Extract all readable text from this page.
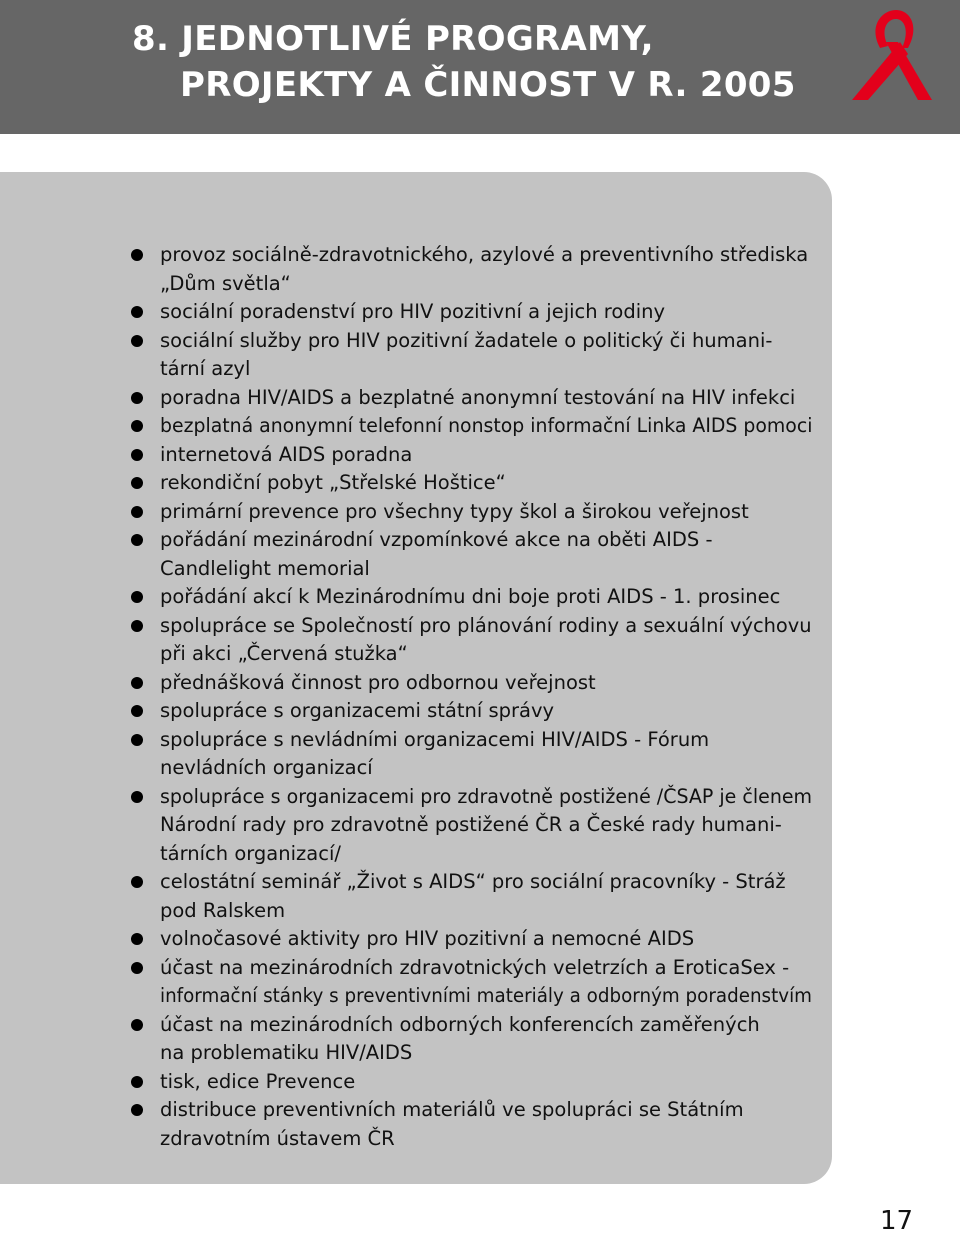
8. JEDNOTLIVÉ PROGRAMY,
PROJEKTY A ČINNOST V R. 2005
provoz sociálně-zdravotnického, azylové a preventivního střediska
„Dům světla“
sociální poradenství pro HIV pozitivní a jejich rodiny
sociální služby pro HIV pozitivní žadatele o politický či humani-
tární azyl
poradna HIV/AIDS a bezplatné anonymní testování na HIV infekci
bezplatná anonymní telefonní nonstop informační Linka AIDS pomoci
internetová AIDS poradna
rekondiční pobyt „Střelské Hoštice“
primární prevence pro všechny typy škol a širokou veřejnost
pořádání mezinárodní vzpomínkové akce na oběti AIDS -
Candlelight memorial
pořádání akcí k Mezinárodnímu dni boje proti AIDS - 1. prosinec
spolupráce se Společností pro plánování rodiny a sexuální výchovu
při akci „Červená stužka“
přednášková činnost pro odbornou veřejnost
spolupráce s organizacemi státní správy
spolupráce s nevládními organizacemi HIV/AIDS - Fórum
nevládních organizací
spolupráce s organizacemi pro zdravotně postižené /ČSAP je členem
Národní rady pro zdravotně postižené ČR a České rady humani-
tárních organizací/
celostátní seminář „Život s AIDS“ pro sociální pracovníky - Stráž
pod Ralskem
volnočasové aktivity pro HIV pozitivní a nemocné AIDS
účast na mezinárodních zdravotnických veletrzích a EroticaSex -
informační stánky s preventivními materiály a odborným poradenstvím
účast na mezinárodních odborných konferencích zaměřených
na problematiku HIV/AIDS
tisk, edice Prevence
distribuce preventivních materiálů ve spolupráci se Státním
zdravotním ústavem ČR
17
